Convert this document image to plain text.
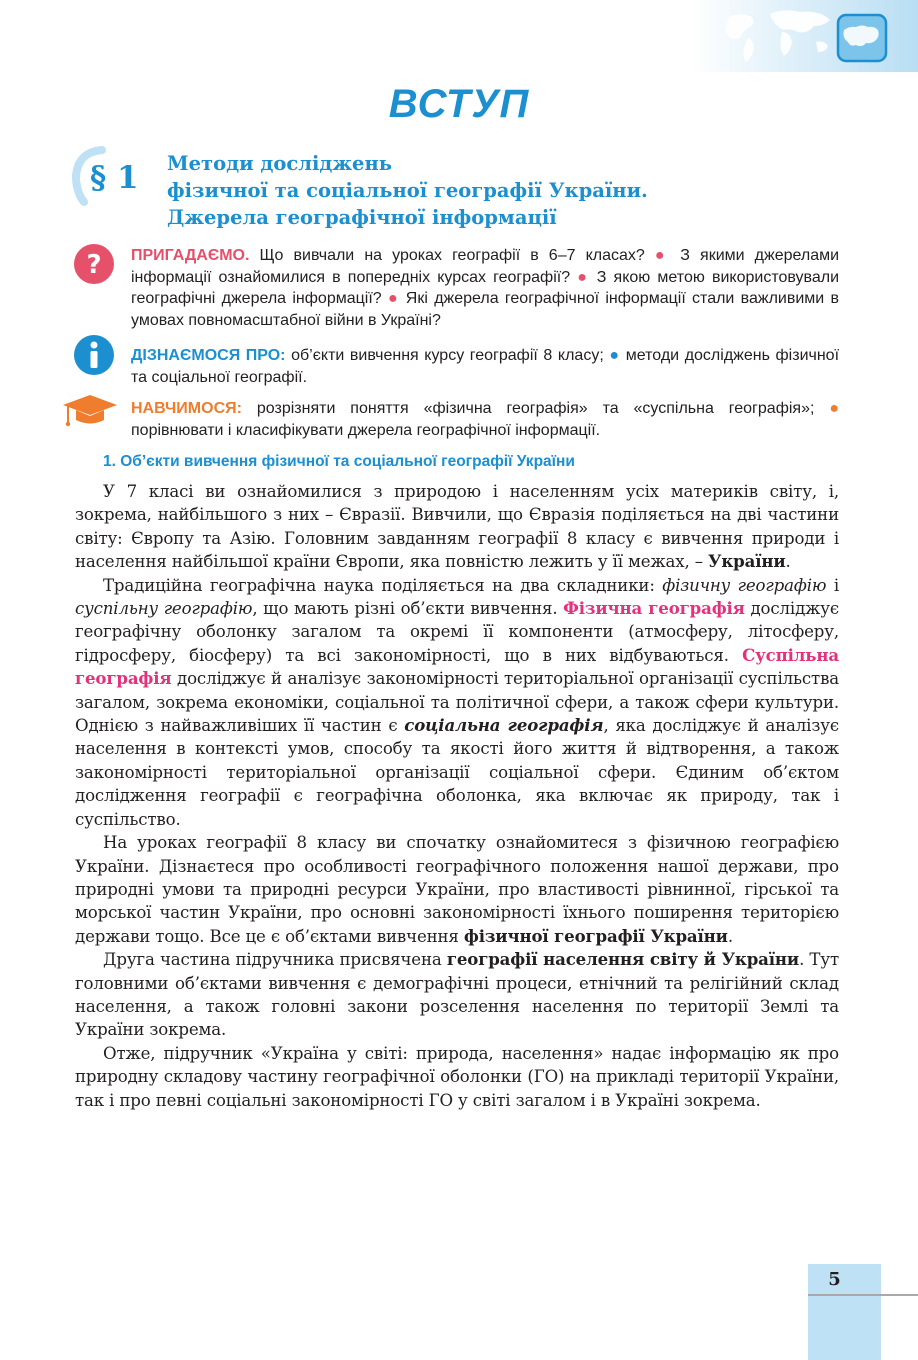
ВСТУП
§ 1 Методи досліджень
фізичної та соціальної географії України.
Джерела географічної інформації
? ПРИГАДАЄМО. Що вивчали на уроках географії в 6–7 класах? ● З якими джерелами інформації ознайомилися в попередніх курсах географії? ● З якою метою використовували географічні джерела інформації? ● Які джерела географічної інформації стали важливими в умовах повномасштабної війни в Україні?
ДІЗНАЄМОСЯ ПРО: об’єкти вивчення курсу географії 8 класу; ● методи досліджень фізичної та соціальної географії.
НАВЧИМОСЯ: розрізняти поняття «фізична географія» та «суспільна географія»; ● порівнювати і класифікувати джерела географічної інформації.
1. Об’єкти вивчення фізичної та соціальної географії України

У 7 класі ви ознайомилися з природою і населенням усіх материків світу, і, зокрема, найбільшого з них – Євразії. Вивчили, що Євразія поділяється на дві частини світу: Європу та Азію. Головним завданням географії 8 класу є вивчення природи і населення найбільшої країни Європи, яка повністю лежить у її межах, – України.

Традиційна географічна наука поділяється на два складники: фізичну географію і суспільну географію, що мають різні об’єкти вивчення. Фізична географія досліджує географічну оболонку загалом та окремі її компоненти (атмосферу, літосферу, гідросферу, біосферу) та всі закономірності, що в них відбуваються. Суспільна географія досліджує й аналізує закономірності територіальної організації суспільства загалом, зокрема економіки, соціальної та політичної сфери, а також сфери культури. Однією з найважливіших її частин є соціальна географія, яка досліджує й аналізує населення в контексті умов, способу та якості його життя й відтворення, а також закономірності територіальної організації соціальної сфери. Єдиним об’єктом дослідження географії є географічна оболонка, яка включає як природу, так і суспільство.

На уроках географії 8 класу ви спочатку ознайомитеся з фізичною географією України. Дізнаєтеся про особливості географічного положення нашої держави, про природні умови та природні ресурси України, про властивості рівнинної, гірської та морської частин України, про основні закономірності їхнього поширення територією держави тощо. Все це є об’єктами вивчення фізичної географії України.

Друга частина підручника присвячена географії населення світу й України. Тут головними об’єктами вивчення є демографічні процеси, етнічний та релігійний склад населення, а також головні закони розселення населення по території Землі та України зокрема.

Отже, підручник «Україна у світі: природа, населення» надає інформацію як про природну складову частину географічної оболонки (ГО) на прикладі території України, так і про певні соціальні закономірності ГО у світі загалом і в Україні зокрема.

5
